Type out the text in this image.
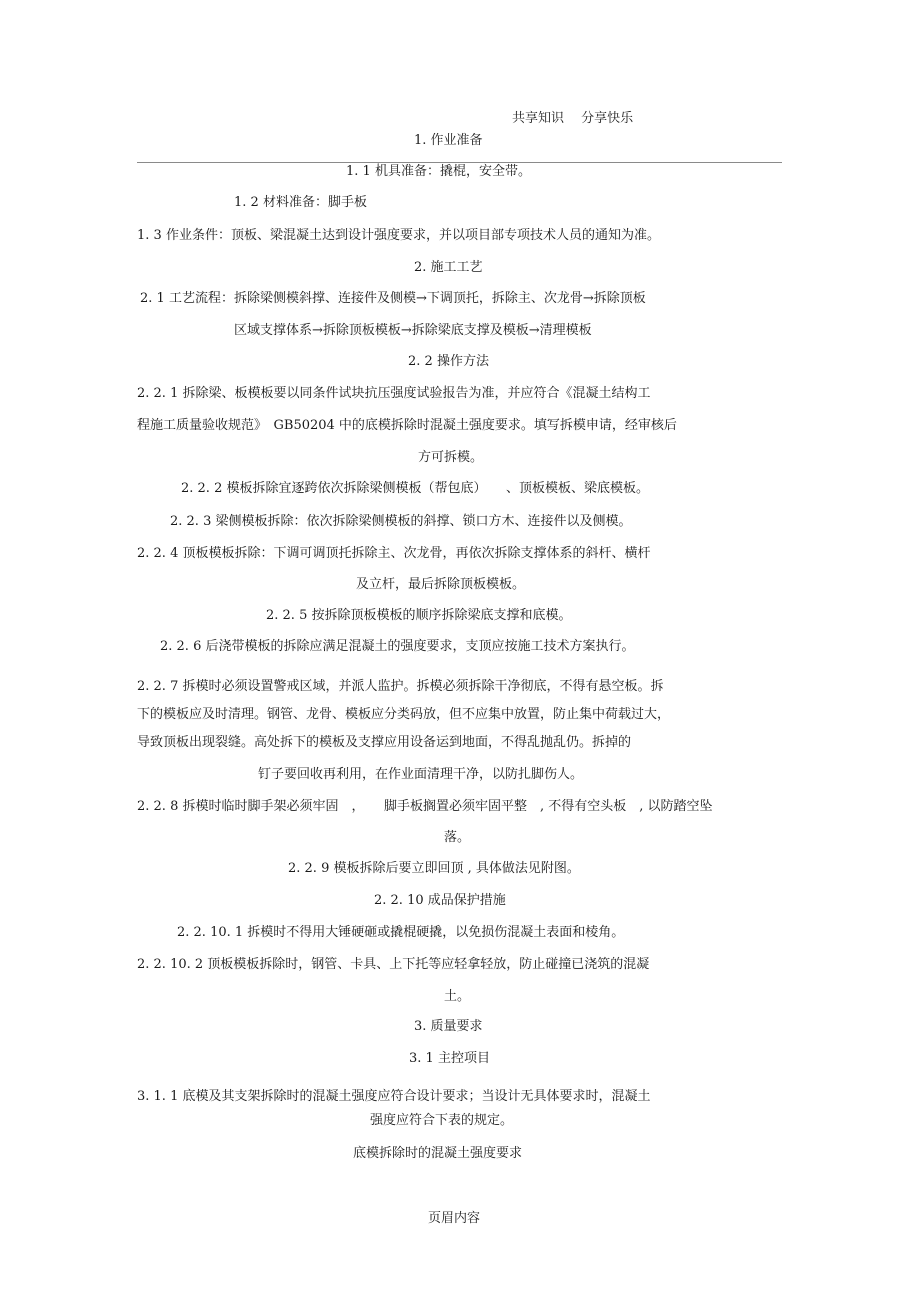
共享知识　 分享快乐
1. 作业准备
1. 1 机具准备：撬棍，安全带。
1. 2 材料准备：脚手板
1. 3 作业条件：顶板、梁混凝土达到设计强度要求，并以项目部专项技术人员的通知为准。
2. 施工工艺
2. 1 工艺流程：拆除梁侧模斜撑、连接件及侧模→下调顶托，拆除主、次龙骨→拆除顶板
区域支撑体系→拆除顶板模板→拆除梁底支撑及模板→清理模板
2. 2 操作方法
2. 2. 1 拆除梁、板模板要以同条件试块抗压强度试验报告为准，并应符合《混凝土结构工
程施工质量验收规范》　GB50204 中的底模拆除时混凝土强度要求。填写拆模申请，经审核后
方可拆模。
2. 2. 2 模板拆除宜逐跨依次拆除梁侧模板（帮包底）　　、顶板模板、梁底模板。
2. 2. 3 梁侧模板拆除：依次拆除梁侧模板的斜撑、锁口方木、连接件以及侧模。
2. 2. 4 顶板模板拆除：下调可调顶托拆除主、次龙骨，再依次拆除支撑体系的斜杆、横杆
及立杆，最后拆除顶板模板。
2. 2. 5 按拆除顶板模板的顺序拆除梁底支撑和底模。
2. 2. 6 后浇带模板的拆除应满足混凝土的强度要求，支顶应按施工技术方案执行。
2. 2. 7 拆模时必须设置警戒区域，并派人监护。拆模必须拆除干净彻底，不得有悬空板。拆
下的模板应及时清理。钢管、龙骨、模板应分类码放，但不应集中放置，防止集中荷载过大，
导致顶板出现裂缝。高处拆下的模板及支撑应用设备运到地面，不得乱抛乱仍。拆掉的
钉子要回收再利用，在作业面清理干净，以防扎脚伤人。
2. 2. 8 拆模时临时脚手架必须牢固　，　　脚手板搁置必须牢固平整　, 不得有空头板　, 以防踏空坠
落。
2. 2. 9 模板拆除后要立即回顶 , 具体做法见附图。
2. 2. 10 成品保护措施
2. 2. 10. 1 拆模时不得用大锤硬砸或撬棍硬撬，以免损伤混凝土表面和棱角。
2. 2. 10. 2 顶板模板拆除时，钢管、卡具、上下托等应轻拿轻放，防止碰撞已浇筑的混凝
土。
3. 质量要求
3. 1 主控项目
3. 1. 1 底模及其支架拆除时的混凝土强度应符合设计要求；当设计无具体要求时，混凝土
强度应符合下表的规定。
底模拆除时的混凝土强度要求
页眉内容
